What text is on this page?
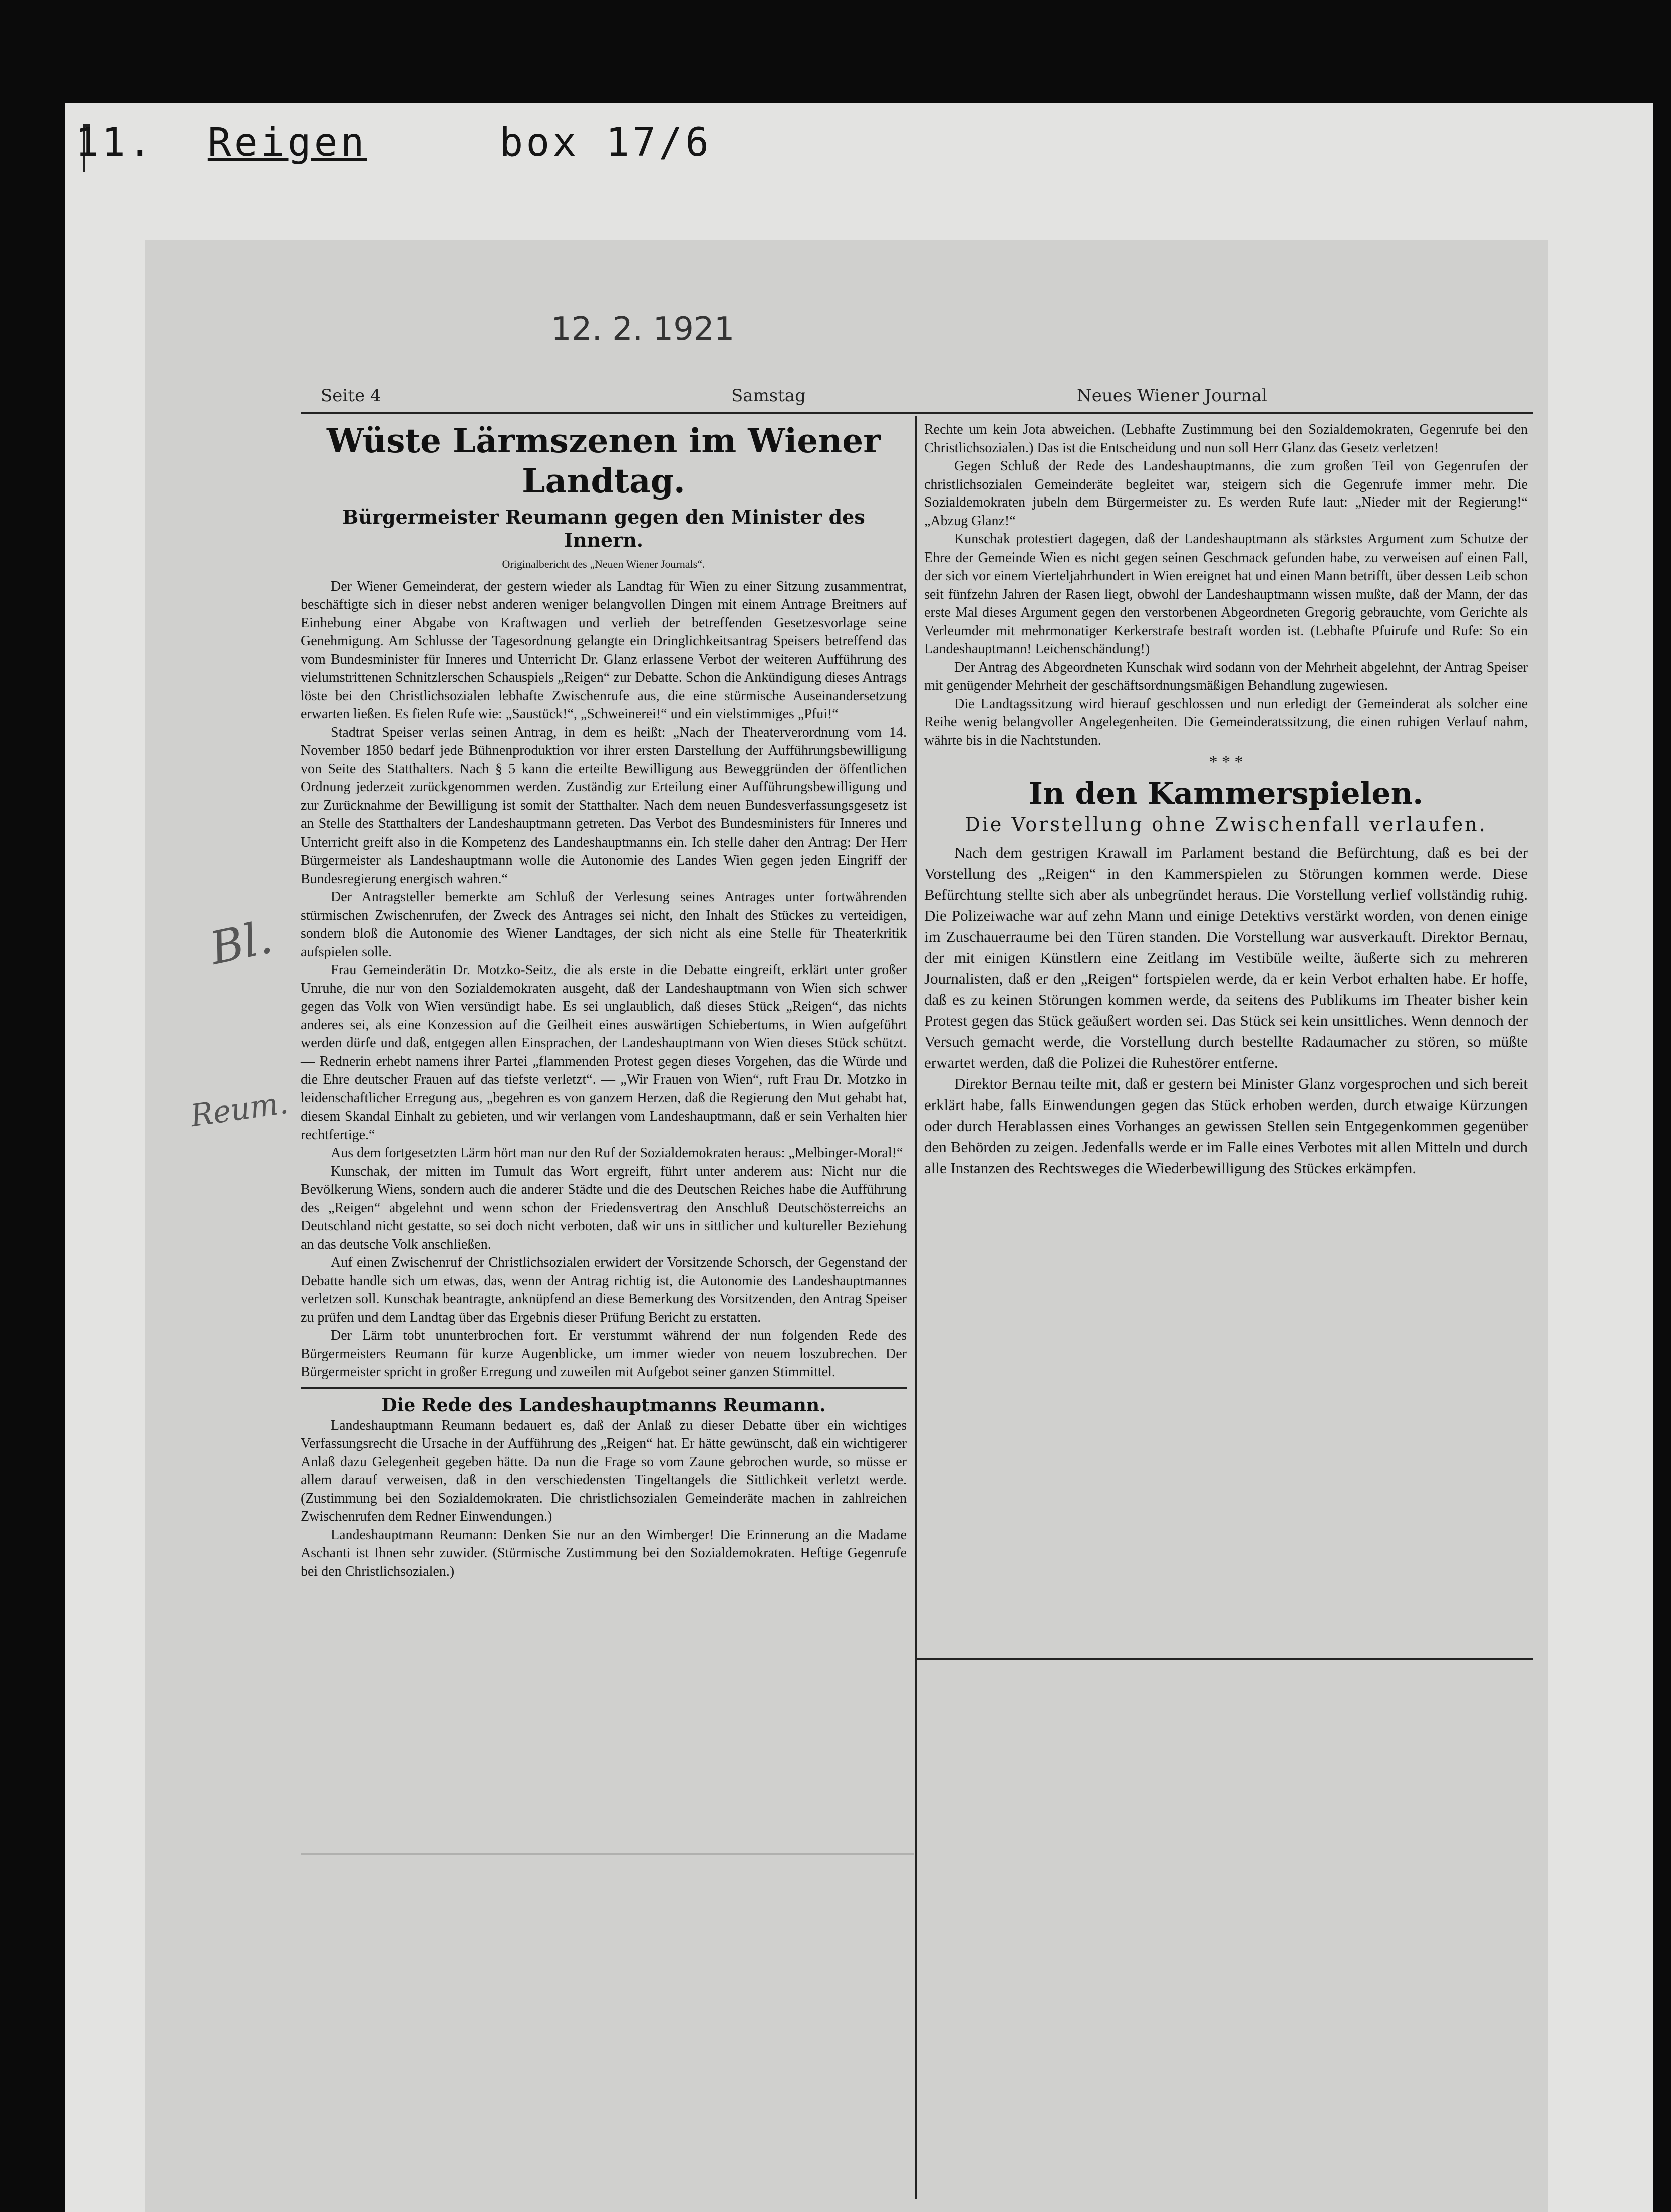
11. Reigen	box 17/6
12. 2. 1921
Seite 4	Samstag	Neues Wiener Journal
Bl.
Reum.
Wüste Lärmszenen im Wiener Landtag.
Bürgermeister Reumann gegen den Minister des Innern.
Originalbericht des „Neuen Wiener Journals“.

Der Wiener Gemeinderat, der gestern wieder als Landtag für Wien zu einer Sitzung zusammentrat, beschäftigte sich in dieser nebst anderen weniger belangvollen Dingen mit einem Antrage Breitners auf Einhebung einer Abgabe von Kraftwagen und verlieh der betreffenden Gesetzesvorlage seine Genehmigung. Am Schlusse der Tagesordnung gelangte ein Dringlichkeitsantrag Speisers betreffend das vom Bundesminister für Inneres und Unterricht Dr. Glanz erlassene Verbot der weiteren Aufführung des vielumstrittenen Schnitzlerschen Schauspiels „Reigen“ zur Debatte. Schon die Ankündigung dieses Antrags löste bei den Christlichsozialen lebhafte Zwischenrufe aus, die eine stürmische Auseinandersetzung erwarten ließen. Es fielen Rufe wie: „Saustück!“, „Schweinerei!“ und ein vielstimmiges „Pfui!“

Stadtrat Speiser verlas seinen Antrag, in dem es heißt: „Nach der Theaterverordnung vom 14. November 1850 bedarf jede Bühnenproduktion vor ihrer ersten Darstellung der Aufführungsbewilligung von Seite des Statthalters. Nach § 5 kann die erteilte Bewilligung aus Beweggründen der öffentlichen Ordnung jederzeit zurückgenommen werden. Zuständig zur Erteilung einer Aufführungsbewilligung und zur Zurücknahme der Bewilligung ist somit der Statthalter. Nach dem neuen Bundesverfassungsgesetz ist an Stelle des Statthalters der Landeshauptmann getreten. Das Verbot des Bundesministers für Inneres und Unterricht greift also in die Kompetenz des Landeshauptmanns ein. Ich stelle daher den Antrag: Der Herr Bürgermeister als Landeshauptmann wolle die Autonomie des Landes Wien gegen jeden Eingriff der Bundesregierung energisch wahren.“

Der Antragsteller bemerkte am Schluß der Verlesung seines Antrages unter fortwährenden stürmischen Zwischenrufen, der Zweck des Antrages sei nicht, den Inhalt des Stückes zu verteidigen, sondern bloß die Autonomie des Wiener Landtages, der sich nicht als eine Stelle für Theaterkritik aufspielen solle.

Frau Gemeinderätin Dr. Motzko-Seitz, die als erste in die Debatte eingreift, erklärt unter großer Unruhe, die nur von den Sozialdemokraten ausgeht, daß der Landeshauptmann von Wien sich schwer gegen das Volk von Wien versündigt habe. Es sei unglaublich, daß dieses Stück „Reigen“, das nichts anderes sei, als eine Konzession auf die Geilheit eines auswärtigen Schiebertums, in Wien aufgeführt werden dürfe und daß, entgegen allen Einsprachen, der Landeshauptmann von Wien dieses Stück schützt. — Rednerin erhebt namens ihrer Partei „flammenden Protest gegen dieses Vorgehen, das die Würde und die Ehre deutscher Frauen auf das tiefste verletzt“. — „Wir Frauen von Wien“, ruft Frau Dr. Motzko in leidenschaftlicher Erregung aus, „begehren es von ganzem Herzen, daß die Regierung den Mut gehabt hat, diesem Skandal Einhalt zu gebieten, und wir verlangen vom Landeshauptmann, daß er sein Verhalten hier rechtfertige.“

Aus dem fortgesetzten Lärm hört man nur den Ruf der Sozialdemokraten heraus: „Melbinger-Moral!“

Kunschak, der mitten im Tumult das Wort ergreift, führt unter anderem aus: Nicht nur die Bevölkerung Wiens, sondern auch die anderer Städte und die des Deutschen Reiches habe die Aufführung des „Reigen“ abgelehnt und wenn schon der Friedensvertrag den Anschluß Deutschösterreichs an Deutschland nicht gestatte, so sei doch nicht verboten, daß wir uns in sittlicher und kultureller Beziehung an das deutsche Volk anschließen.

Auf einen Zwischenruf der Christlichsozialen erwidert der Vorsitzende Schorsch, der Gegenstand der Debatte handle sich um etwas, das, wenn der Antrag richtig ist, die Autonomie des Landeshauptmannes verletzen soll. Kunschak beantragte, anknüpfend an diese Bemerkung des Vorsitzenden, den Antrag Speiser zu prüfen und dem Landtag über das Ergebnis dieser Prüfung Bericht zu erstatten.

Der Lärm tobt ununterbrochen fort. Er verstummt während der nun folgenden Rede des Bürgermeisters Reumann für kurze Augenblicke, um immer wieder von neuem loszubrechen. Der Bürgermeister spricht in großer Erregung und zuweilen mit Aufgebot seiner ganzen Stimmittel.

Die Rede des Landeshauptmanns Reumann.

Landeshauptmann Reumann bedauert es, daß der Anlaß zu dieser Debatte über ein wichtiges Verfassungsrecht die Ursache in der Aufführung des „Reigen“ hat. Er hätte gewünscht, daß ein wichtigerer Anlaß dazu Gelegenheit gegeben hätte. Da nun die Frage so vom Zaune gebrochen wurde, so müsse er allem darauf verweisen, daß in den verschiedensten Tingeltangels die Sittlichkeit verletzt werde. (Zustimmung bei den Sozialdemokraten. Die christlichsozialen Gemeinderäte machen in zahlreichen Zwischenrufen dem Redner Einwendungen.)

Landeshauptmann Reumann: Denken Sie nur an den Wimberger! Die Erinnerung an die Madame Aschanti ist Ihnen sehr zuwider. (Stürmische Zustimmung bei den Sozialdemokraten. Heftige Gegenrufe bei den Christlichsozialen.)

Rechte um kein Jota abweichen. (Lebhafte Zustimmung bei den Sozialdemokraten, Gegenrufe bei den Christlichsozialen.) Das ist die Entscheidung und nun soll Herr Glanz das Gesetz verletzen!

Gegen Schluß der Rede des Landeshauptmanns, die zum großen Teil von Gegenrufen der christlichsozialen Gemeinderäte begleitet war, steigern sich die Gegenrufe immer mehr. Die Sozialdemokraten jubeln dem Bürgermeister zu. Es werden Rufe laut: „Nieder mit der Regierung!“ „Abzug Glanz!“

Kunschak protestiert dagegen, daß der Landeshauptmann als stärkstes Argument zum Schutze der Ehre der Gemeinde Wien es nicht gegen seinen Geschmack gefunden habe, zu verweisen auf einen Fall, der sich vor einem Vierteljahrhundert in Wien ereignet hat und einen Mann betrifft, über dessen Leib schon seit fünfzehn Jahren der Rasen liegt, obwohl der Landeshauptmann wissen mußte, daß der Mann, der das erste Mal dieses Argument gegen den verstorbenen Abgeordneten Gregorig gebrauchte, vom Gerichte als Verleumder mit mehrmonatiger Kerkerstrafe bestraft worden ist. (Lebhafte Pfuirufe und Rufe: So ein Landeshauptmann! Leichenschändung!)

Der Antrag des Abgeordneten Kunschak wird sodann von der Mehrheit abgelehnt, der Antrag Speiser mit genügender Mehrheit der geschäftsordnungsmäßigen Behandlung zugewiesen.

Die Landtagssitzung wird hierauf geschlossen und nun erledigt der Gemeinderat als solcher eine Reihe wenig belangvoller Angelegenheiten. Die Gemeinderatssitzung, die einen ruhigen Verlauf nahm, währte bis in die Nachtstunden.

* * *
In den Kammerspielen.
Die Vorstellung ohne Zwischenfall verlaufen.

Nach dem gestrigen Krawall im Parlament bestand die Befürchtung, daß es bei der Vorstellung des „Reigen“ in den Kammerspielen zu Störungen kommen werde. Diese Befürchtung stellte sich aber als unbegründet heraus. Die Vorstellung verlief vollständig ruhig. Die Polizeiwache war auf zehn Mann und einige Detektivs verstärkt worden, von denen einige im Zuschauerraume bei den Türen standen. Die Vorstellung war ausverkauft. Direktor Bernau, der mit einigen Künstlern eine Zeitlang im Vestibüle weilte, äußerte sich zu mehreren Journalisten, daß er den „Reigen“ fortspielen werde, da er kein Verbot erhalten habe. Er hoffe, daß es zu keinen Störungen kommen werde, da seitens des Publikums im Theater bisher kein Protest gegen das Stück geäußert worden sei. Das Stück sei kein unsittliches. Wenn dennoch der Versuch gemacht werde, die Vorstellung durch bestellte Radaumacher zu stören, so müßte erwartet werden, daß die Polizei die Ruhestörer entferne.

Direktor Bernau teilte mit, daß er gestern bei Minister Glanz vorgesprochen und sich bereit erklärt habe, falls Einwendungen gegen das Stück erhoben werden, durch etwaige Kürzungen oder durch Herablassen eines Vorhanges an gewissen Stellen sein Entgegenkommen gegenüber den Behörden zu zeigen. Jedenfalls werde er im Falle eines Verbotes mit allen Mitteln und durch alle Instanzen des Rechtsweges die Wiederbewilligung des Stückes erkämpfen.
